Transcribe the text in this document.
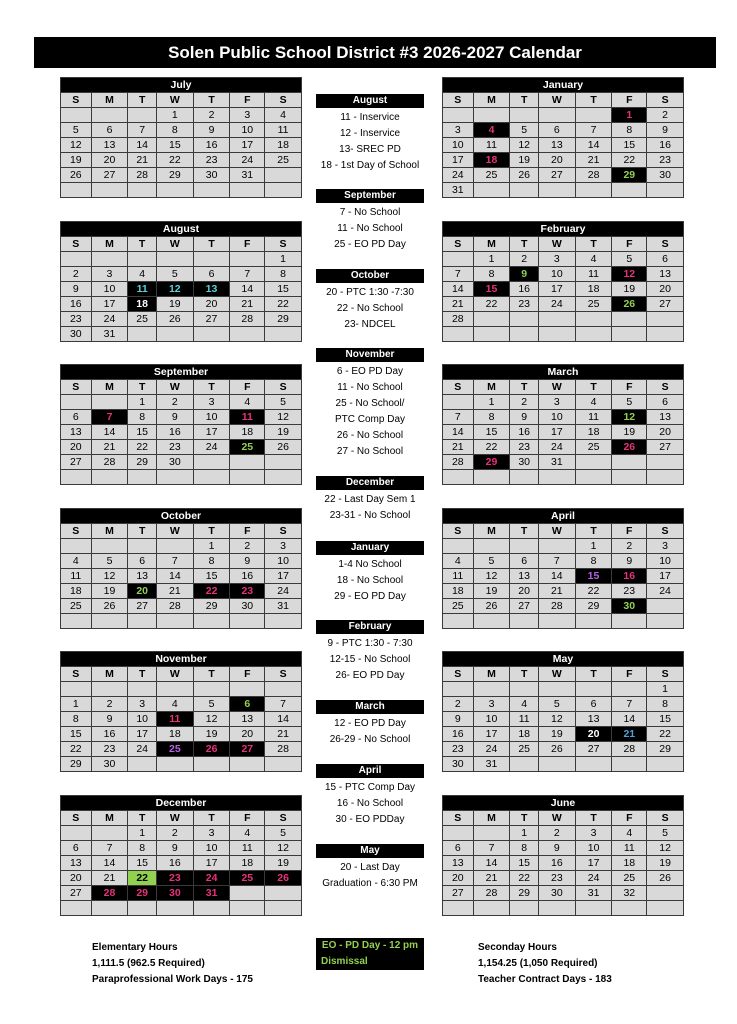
Solen Public School District #3 2026-2027 Calendar
July						
S	M	T	W	T	F	S
			1	2	3	4
5	6	7	8	9	10	11
12	13	14	15	16	17	18
19	20	21	22	23	24	25
26	27	28	29	30	31	

August						
S	M	T	W	T	F	S
						1
2	3	4	5	6	7	8
9	10	11	12	13	14	15
16	17	18	19	20	21	22
23	24	25	26	27	28	29
30	31					
September						
S	M	T	W	T	F	S
		1	2	3	4	5
6	7	8	9	10	11	12
13	14	15	16	17	18	19
20	21	22	23	24	25	26
27	28	29	30			

October						
S	M	T	W	T	F	S
				1	2	3
4	5	6	7	8	9	10
11	12	13	14	15	16	17
18	19	20	21	22	23	24
25	26	27	28	29	30	31

November						
S	M	T	W	T	F	S

1	2	3	4	5	6	7
8	9	10	11	12	13	14
15	16	17	18	19	20	21
22	23	24	25	26	27	28
29	30					
December						
S	M	T	W	T	F	S
		1	2	3	4	5
6	7	8	9	10	11	12
13	14	15	16	17	18	19
20	21	22	23	24	25	26
27	28	29	30	31		

January						
S	M	T	W	T	F	S
					1	2
3	4	5	6	7	8	9
10	11	12	13	14	15	16
17	18	19	20	21	22	23
24	25	26	27	28	29	30
31						
February						
S	M	T	W	T	F	S
	1	2	3	4	5	6
7	8	9	10	11	12	13
14	15	16	17	18	19	20
21	22	23	24	25	26	27
28						

March						
S	M	T	W	T	F	S
	1	2	3	4	5	6
7	8	9	10	11	12	13
14	15	16	17	18	19	20
21	22	23	24	25	26	27
28	29	30	31			

April						
S	M	T	W	T	F	S
				1	2	3
4	5	6	7	8	9	10
11	12	13	14	15	16	17
18	19	20	21	22	23	24
25	26	27	28	29	30	

May						
S	M	T	W	T	F	S
						1
2	3	4	5	6	7	8
9	10	11	12	13	14	15
16	17	18	19	20	21	22
23	24	25	26	27	28	29
30	31					
June						
S	M	T	W	T	F	S
		1	2	3	4	5
6	7	8	9	10	11	12
13	14	15	16	17	18	19
20	21	22	23	24	25	26
27	28	29	30	31	32	

August
11 - Inservice
12 - Inservice
13- SREC PD
18 - 1st Day of School
September
7 - No School
11 - No School
25 - EO PD Day
October
20 - PTC 1:30 -7:30
22 - No School
23- NDCEL
November
6 - EO PD Day
11 - No School
25 - No School/
PTC Comp Day
26 - No School
27 - No School
December
22 - Last Day Sem 1
23-31 - No School
January
1-4 No School
18 - No School
29 - EO PD Day
February
9 - PTC 1:30 - 7:30
12-15 - No School
26- EO PD Day
March
12 - EO PD Day
26-29 - No School
April
15 - PTC Comp Day
16 - No School
30 - EO PDDay
May
20 - Last Day
Graduation - 6:30 PM
Elementary Hours
1,111.5 (962.5 Required)
Paraprofessional Work Days - 175
EO - PD Day - 12 pm
Dismissal
Seconday Hours
1,154.25 (1,050 Required)
Teacher Contract Days - 183
